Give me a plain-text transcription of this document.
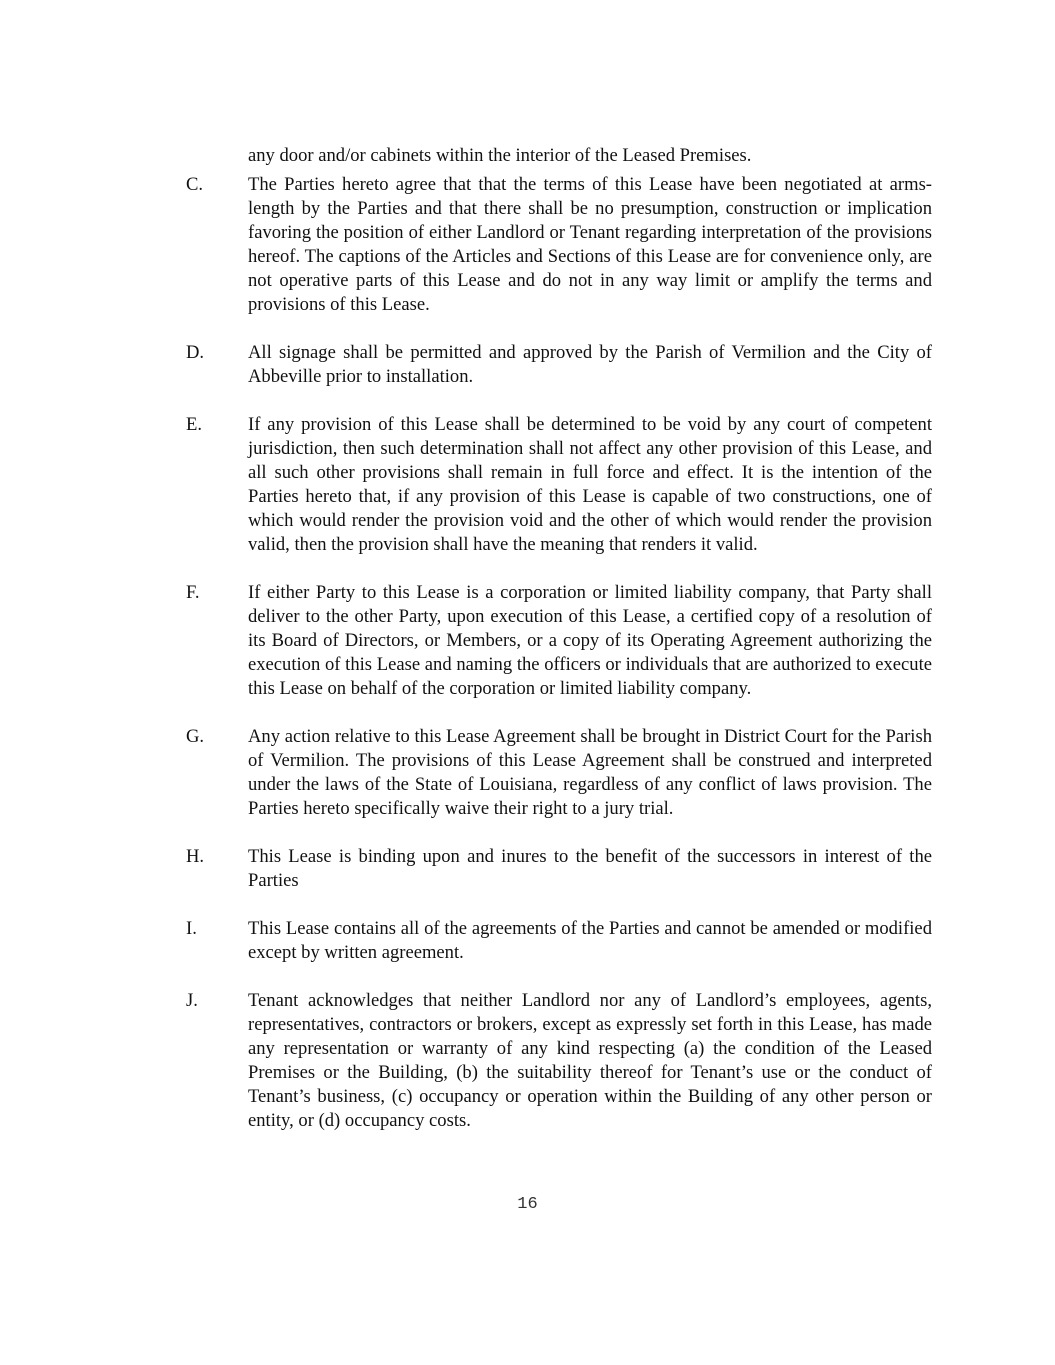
any door and/or cabinets within the interior of the Leased Premises.

C.	The Parties hereto agree that that the terms of this Lease have been negotiated at arms-length by the Parties and that there shall be no presumption, construction or implication favoring the position of either Landlord or Tenant regarding interpretation of the provisions hereof. The captions of the Articles and Sections of this Lease are for convenience only, are not operative parts of this Lease and do not in any way limit or amplify the terms and provisions of this Lease.
D.	All signage shall be permitted and approved by the Parish of Vermilion and the City of Abbeville prior to installation.
E.	If any provision of this Lease shall be determined to be void by any court of competent jurisdiction, then such determination shall not affect any other provision of this Lease, and all such other provisions shall remain in full force and effect. It is the intention of the Parties hereto that, if any provision of this Lease is capable of two constructions, one of which would render the provision void and the other of which would render the provision valid, then the provision shall have the meaning that renders it valid.
F.	If either Party to this Lease is a corporation or limited liability company, that Party shall deliver to the other Party, upon execution of this Lease, a certified copy of a resolution of its Board of Directors, or Members, or a copy of its Operating Agreement authorizing the execution of this Lease and naming the officers or individuals that are authorized to execute this Lease on behalf of the corporation or limited liability company.
G.	Any action relative to this Lease Agreement shall be brought in District Court for the Parish of Vermilion. The provisions of this Lease Agreement shall be construed and interpreted under the laws of the State of Louisiana, regardless of any conflict of laws provision. The Parties hereto specifically waive their right to a jury trial.
H.	This Lease is binding upon and inures to the benefit of the successors in interest of the Parties
I.	This Lease contains all of the agreements of the Parties and cannot be amended or modified except by written agreement.
J.	Tenant acknowledges that neither Landlord nor any of Landlord’s employees, agents, representatives, contractors or brokers, except as expressly set forth in this Lease, has made any representation or warranty of any kind respecting (a) the condition of the Leased Premises or the Building, (b) the suitability thereof for Tenant’s use or the conduct of Tenant’s business, (c) occupancy or operation within the Building of any other person or entity, or (d) occupancy costs.
16
